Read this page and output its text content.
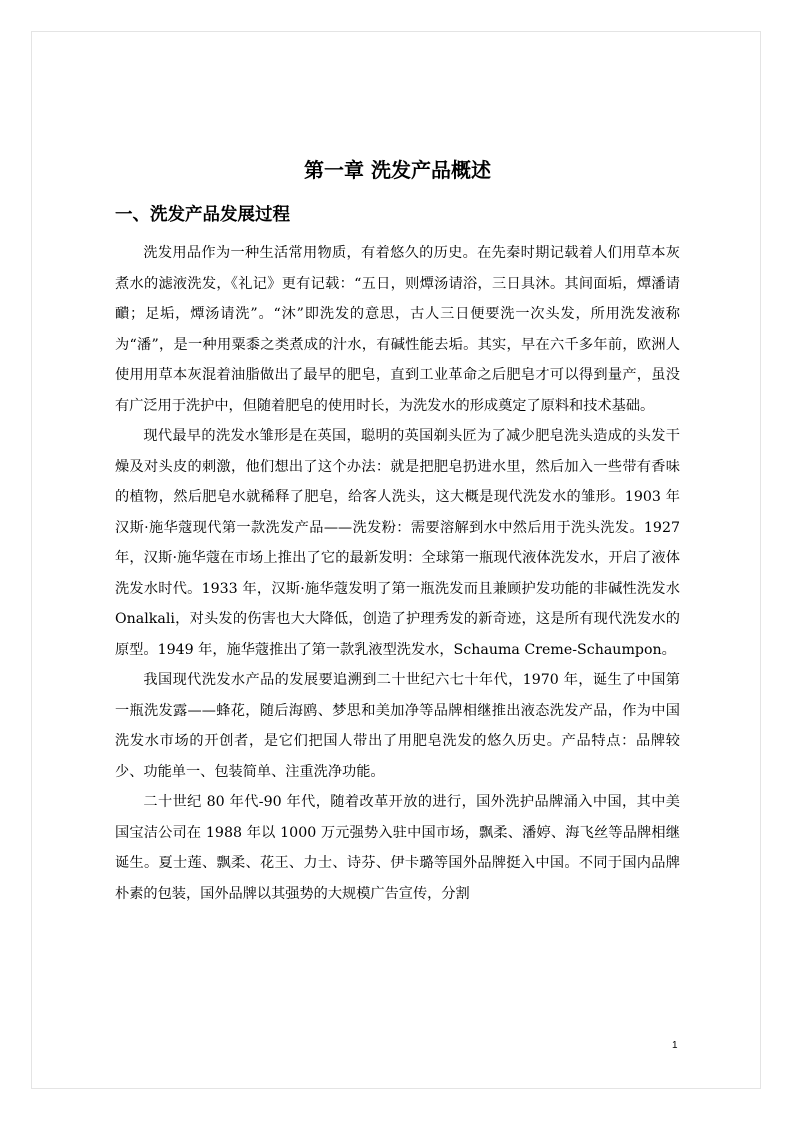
第一章 洗发产品概述
一、洗发产品发展过程

洗发用品作为一种生活常用物质，有着悠久的历史。在先秦时期记载着人们用草本灰煮水的滤液洗发，《礼记》更有记载：“五日，则燂汤请浴，三日具沐。其间面垢，燂潘请靧；足垢，燂汤请洗”。“沐”即洗发的意思，古人三日便要洗一次头发，所用洗发液称为“潘”，是一种用粟黍之类煮成的汁水，有碱性能去垢。其实，早在六千多年前，欧洲人使用用草本灰混着油脂做出了最早的肥皂，直到工业革命之后肥皂才可以得到量产，虽没有广泛用于洗护中，但随着肥皂的使用时长，为洗发水的形成奠定了原料和技术基础。

现代最早的洗发水雏形是在英国，聪明的英国剃头匠为了减少肥皂洗头造成的头发干燥及对头皮的刺激，他们想出了这个办法：就是把肥皂扔进水里，然后加入一些带有香味的植物，然后肥皂水就稀释了肥皂，给客人洗头，这大概是现代洗发水的雏形。1903 年汉斯·施华蔻现代第一款洗发产品——洗发粉：需要溶解到水中然后用于洗头洗发。1927 年，汉斯·施华蔻在市场上推出了它的最新发明：全球第一瓶现代液体洗发水，开启了液体洗发水时代。1933 年，汉斯·施华蔻发明了第一瓶洗发而且兼顾护发功能的非碱性洗发水 Onalkali，对头发的伤害也大大降低，创造了护理秀发的新奇迹，这是所有现代洗发水的原型。1949 年，施华蔻推出了第一款乳液型洗发水，Schauma Creme-Schaumpon。

我国现代洗发水产品的发展要追溯到二十世纪六七十年代，1970 年，诞生了中国第一瓶洗发露——蜂花，随后海鸥、梦思和美加净等品牌相继推出液态洗发产品，作为中国洗发水市场的开创者，是它们把国人带出了用肥皂洗发的悠久历史。产品特点：品牌较少、功能单一、包装简单、注重洗净功能。

二十世纪 80 年代-90 年代，随着改革开放的进行，国外洗护品牌涌入中国，其中美国宝洁公司在 1988 年以 1000 万元强势入驻中国市场，飘柔、潘婷、海飞丝等品牌相继诞生。夏士莲、飘柔、花王、力士、诗芬、伊卡璐等国外品牌挺入中国。不同于国内品牌朴素的包装，国外品牌以其强势的大规模广告宣传，分割

1
